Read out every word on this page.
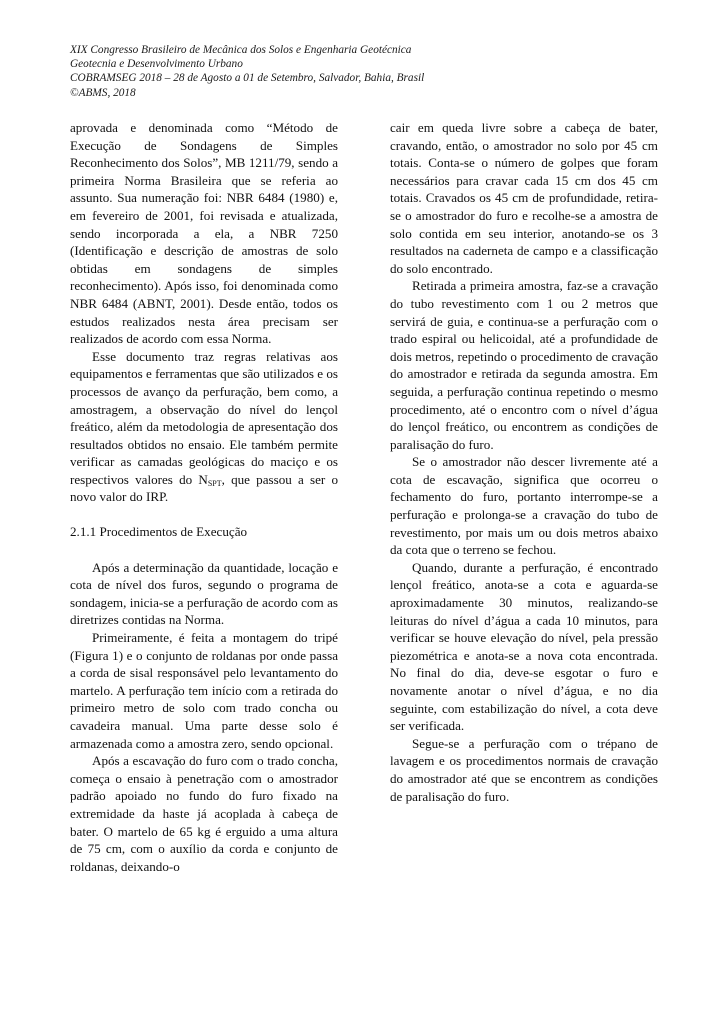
XIX Congresso Brasileiro de Mecânica dos Solos e Engenharia Geotécnica
Geotecnia e Desenvolvimento Urbano
COBRAMSEG 2018 – 28 de Agosto a 01 de Setembro, Salvador, Bahia, Brasil
©ABMS, 2018

aprovada e denominada como “Método de Execução de Sondagens de Simples Reconhecimento dos Solos”, MB 1211/79, sendo a primeira Norma Brasileira que se referia ao assunto. Sua numeração foi: NBR 6484 (1980) e, em fevereiro de 2001, foi revisada e atualizada, sendo incorporada a ela, a NBR 7250 (Identificação e descrição de amostras de solo obtidas em sondagens de simples reconhecimento). Após isso, foi denominada como NBR 6484 (ABNT, 2001). Desde então, todos os estudos realizados nesta área precisam ser realizados de acordo com essa Norma.

Esse documento traz regras relativas aos equipamentos e ferramentas que são utilizados e os processos de avanço da perfuração, bem como, a amostragem, a observação do nível do lençol freático, além da metodologia de apresentação dos resultados obtidos no ensaio. Ele também permite verificar as camadas geológicas do maciço e os respectivos valores do $N_{SPT}$, que passou a ser o novo valor do IRP.

2.1.1 Procedimentos de Execução

Após a determinação da quantidade, locação e cota de nível dos furos, segundo o programa de sondagem, inicia-se a perfuração de acordo com as diretrizes contidas na Norma.

Primeiramente, é feita a montagem do tripé (Figura 1) e o conjunto de roldanas por onde passa a corda de sisal responsável pelo levantamento do martelo. A perfuração tem início com a retirada do primeiro metro de solo com trado concha ou cavadeira manual. Uma parte desse solo é armazenada como a amostra zero, sendo opcional.

Após a escavação do furo com o trado concha, começa o ensaio à penetração com o amostrador padrão apoiado no fundo do furo fixado na extremidade da haste já acoplada à cabeça de bater. O martelo de 65 kg é erguido a uma altura de 75 cm, com o auxílio da corda e conjunto de roldanas, deixando-o

cair em queda livre sobre a cabeça de bater, cravando, então, o amostrador no solo por 45 cm totais. Conta-se o número de golpes que foram necessários para cravar cada 15 cm dos 45 cm totais. Cravados os 45 cm de profundidade, retira-se o amostrador do furo e recolhe-se a amostra de solo contida em seu interior, anotando-se os 3 resultados na caderneta de campo e a classificação do solo encontrado.

Retirada a primeira amostra, faz-se a cravação do tubo revestimento com 1 ou 2 metros que servirá de guia, e continua-se a perfuração com o trado espiral ou helicoidal, até a profundidade de dois metros, repetindo o procedimento de cravação do amostrador e retirada da segunda amostra. Em seguida, a perfuração continua repetindo o mesmo procedimento, até o encontro com o nível d’água do lençol freático, ou encontrem as condições de paralisação do furo.

Se o amostrador não descer livremente até a cota de escavação, significa que ocorreu o fechamento do furo, portanto interrompe-se a perfuração e prolonga-se a cravação do tubo de revestimento, por mais um ou dois metros abaixo da cota que o terreno se fechou.

Quando, durante a perfuração, é encontrado lençol freático, anota-se a cota e aguarda-se aproximadamente 30 minutos, realizando-se leituras do nível d’água a cada 10 minutos, para verificar se houve elevação do nível, pela pressão piezométrica e anota-se a nova cota encontrada. No final do dia, deve-se esgotar o furo e novamente anotar o nível d’água, e no dia seguinte, com estabilização do nível, a cota deve ser verificada.

Segue-se a perfuração com o trépano de lavagem e os procedimentos normais de cravação do amostrador até que se encontrem as condições de paralisação do furo.
